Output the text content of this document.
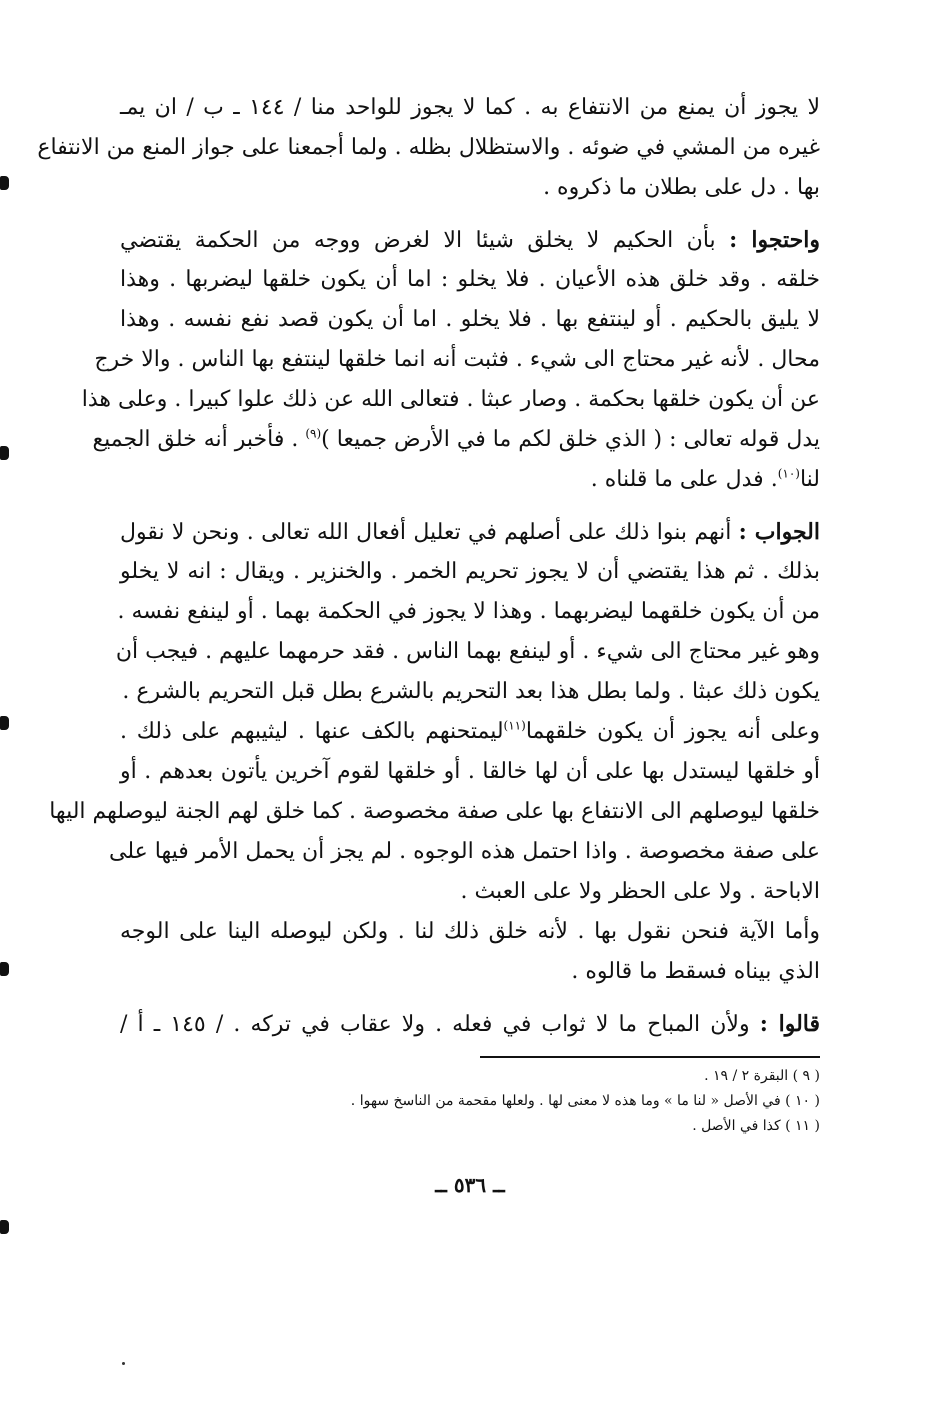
لا يجوز أن يمنع من الانتفاع به . كما لا يجوز للواحد منا / ١٤٤ ـ ب / ان يمـ
غيره من المشي في ضوئه . والاستظلال بظله . ولما أجمعنا على جواز المنع من الانتفاع
بها . دل على بطلان ما ذكروه .
واحتجوا : بأن الحكيم لا يخلق شيئا الا لغرض ووجه من الحكمة يقتضي
خلقه . وقد خلق هذه الأعيان . فلا يخلو : اما أن يكون خلقها ليضربها . وهذا
لا يليق بالحكيم . أو لينتفع بها . فلا يخلو . اما أن يكون قصد نفع نفسه . وهذا
محال . لأنه غير محتاج الى شيء . فثبت أنه انما خلقها لينتفع بها الناس . والا خرج
عن أن يكون خلقها بحكمة . وصار عبثا . فتعالى الله عن ذلك علوا كبيرا . وعلى هذا
يدل قوله تعالى : ( الذي خلق لكم ما في الأرض جميعا )$^{(٩)}$ . فأخبر أنه خلق الجميع
لنا$^{(١٠)}$. فدل على ما قلناه .
الجواب : أنهم بنوا ذلك على أصلهم في تعليل أفعال الله تعالى . ونحن لا نقول
بذلك . ثم هذا يقتضي أن لا يجوز تحريم الخمر . والخنزير . ويقال : انه لا يخلو
من أن يكون خلقهما ليضربهما . وهذا لا يجوز في الحكمة بهما . أو لينفع نفسه .
وهو غير محتاج الى شيء . أو لينفع بهما الناس . فقد حرمهما عليهم . فيجب أن
يكون ذلك عبثا . ولما بطل هذا بعد التحريم بالشرع بطل قبل التحريم بالشرع .
وعلى أنه يجوز أن يكون خلقهما$^{(١١)}$ليمتحنهم بالكف عنها . ليثيبهم على ذلك .
أو خلقها ليستدل بها على أن لها خالقا . أو خلقها لقوم آخرين يأتون بعدهم . أو
خلقها ليوصلهم الى الانتفاع بها على صفة مخصوصة . كما خلق لهم الجنة ليوصلهم اليها
على صفة مخصوصة . واذا احتمل هذه الوجوه . لم يجز أن يحمل الأمر فيها على
الاباحة . ولا على الحظر ولا على العبث .
وأما الآية فنحن نقول بها . لأنه خلق ذلك لنا . ولكن ليوصله الينا على الوجه
الذي بيناه فسقط ما قالوه .
قالوا : ولأن المباح ما لا ثواب في فعله . ولا عقاب في تركه . / ١٤٥ ـ أ /
( ٩ ) البقرة ٢ / ١٩ .
( ١٠ ) في الأصل « لنا ما » وما هذه لا معنى لها . ولعلها مقحمة من الناسخ سهوا .
( ١١ ) كذا في الأصل .
ــ ٥٣٦ ــ
